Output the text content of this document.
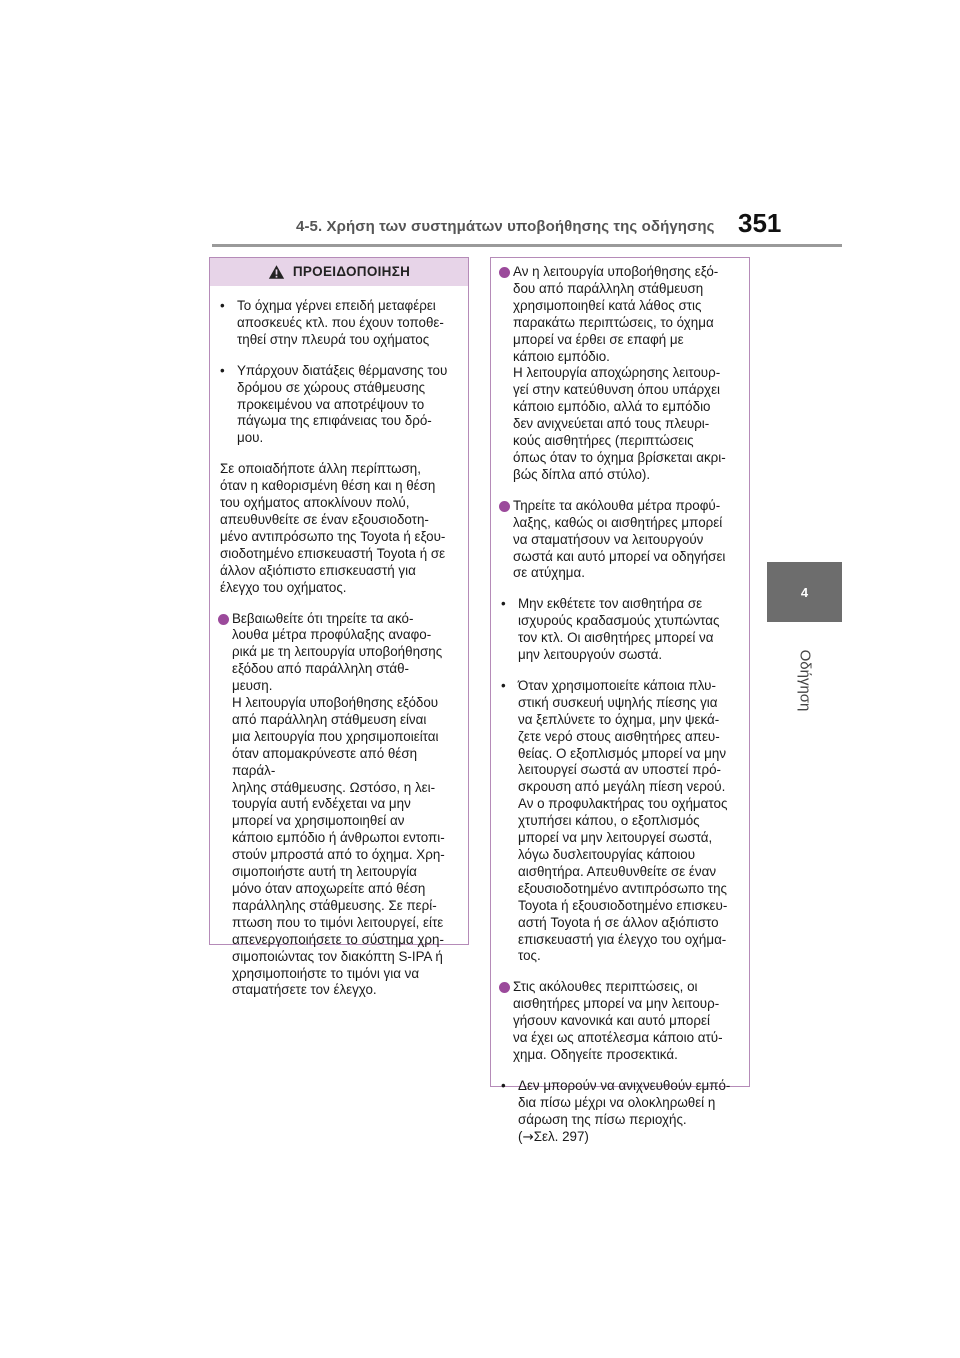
4-5. Χρήση των συστημάτων υποβοήθησης της οδήγησης 351
4
Οδήγηση
ΠΡΟΕΙΔΟΠΟΙΗΣΗ
• Το όχημα γέρνει επειδή μεταφέρει
αποσκευές κτλ. που έχουν τοποθε-
τηθεί στην πλευρά του οχήματος
• Υπάρχουν διατάξεις θέρμανσης του
δρόμου σε χώρους στάθμευσης
προκειμένου να αποτρέψουν το
πάγωμα της επιφάνειας του δρό-
μου.
Σε οποιαδήποτε άλλη περίπτωση,
όταν η καθορισμένη θέση και η θέση
του οχήματος αποκλίνουν πολύ,
απευθυνθείτε σε έναν εξουσιοδοτη-
μένο αντιπρόσωπο της Toyota ή εξου-
σιοδοτημένο επισκευαστή Toyota ή σε
άλλον αξιόπιστο επισκευαστή για
έλεγχο του οχήματος.
Βεβαιωθείτε ότι τηρείτε τα ακό-
λουθα μέτρα προφύλαξης αναφο-
ρικά με τη λειτουργία υποβοήθησης
εξόδου από παράλληλη στάθ-
μευση.
Η λειτουργία υποβοήθησης εξόδου
από παράλληλη στάθμευση είναι
μια λειτουργία που χρησιμοποιείται
όταν απομακρύνεστε από θέση παράλ-
ληλης στάθμευσης. Ωστόσο, η λει-
τουργία αυτή ενδέχεται να μην
μπορεί να χρησιμοποιηθεί αν
κάποιο εμπόδιο ή άνθρωποι εντοπι-
στούν μπροστά από το όχημα. Χρη-
σιμοποιήστε αυτή τη λειτουργία
μόνο όταν αποχωρείτε από θέση
παράλληλης στάθμευσης. Σε περί-
πτωση που το τιμόνι λειτουργεί, είτε
απενεργοποιήσετε το σύστημα χρη-
σιμοποιώντας τον διακόπτη S-IPA ή
χρησιμοποιήστε το τιμόνι για να
σταματήσετε τον έλεγχο.
Αν η λειτουργία υποβοήθησης εξό-
δου από παράλληλη στάθμευση
χρησιμοποιηθεί κατά λάθος στις
παρακάτω περιπτώσεις, το όχημα
μπορεί να έρθει σε επαφή με
κάποιο εμπόδιο.
Η λειτουργία αποχώρησης λειτουρ-
γεί στην κατεύθυνση όπου υπάρχει
κάποιο εμπόδιο, αλλά το εμπόδιο
δεν ανιχνεύεται από τους πλευρι-
κούς αισθητήρες (περιπτώσεις
όπως όταν το όχημα βρίσκεται ακρι-
βώς δίπλα από στύλο).
Τηρείτε τα ακόλουθα μέτρα προφύ-
λαξης, καθώς οι αισθητήρες μπορεί
να σταματήσουν να λειτουργούν
σωστά και αυτό μπορεί να οδηγήσει
σε ατύχημα.
• Μην εκθέτετε τον αισθητήρα σε
ισχυρούς κραδασμούς χτυπώντας
τον κτλ. Οι αισθητήρες μπορεί να
μην λειτουργούν σωστά.
• Όταν χρησιμοποιείτε κάποια πλυ-
στική συσκευή υψηλής πίεσης για
να ξεπλύνετε το όχημα, μην ψεκά-
ζετε νερό στους αισθητήρες απευ-
θείας. Ο εξοπλισμός μπορεί να μην
λειτουργεί σωστά αν υποστεί πρό-
σκρουση από μεγάλη πίεση νερού.
Αν ο προφυλακτήρας του οχήματος
χτυπήσει κάπου, ο εξοπλισμός
μπορεί να μην λειτουργεί σωστά,
λόγω δυσλειτουργίας κάποιου
αισθητήρα. Απευθυνθείτε σε έναν
εξουσιοδοτημένο αντιπρόσωπο της
Toyota ή εξουσιοδοτημένο επισκευ-
αστή Toyota ή σε άλλον αξιόπιστο
επισκευαστή για έλεγχο του οχήμα-
τος.
Στις ακόλουθες περιπτώσεις, οι
αισθητήρες μπορεί να μην λειτουρ-
γήσουν κανονικά και αυτό μπορεί
να έχει ως αποτέλεσμα κάποιο ατύ-
χημα. Οδηγείτε προσεκτικά.
• Δεν μπορούν να ανιχνευθούν εμπό-
δια πίσω μέχρι να ολοκληρωθεί η
σάρωση της πίσω περιοχής.
(→Σελ. 297)
